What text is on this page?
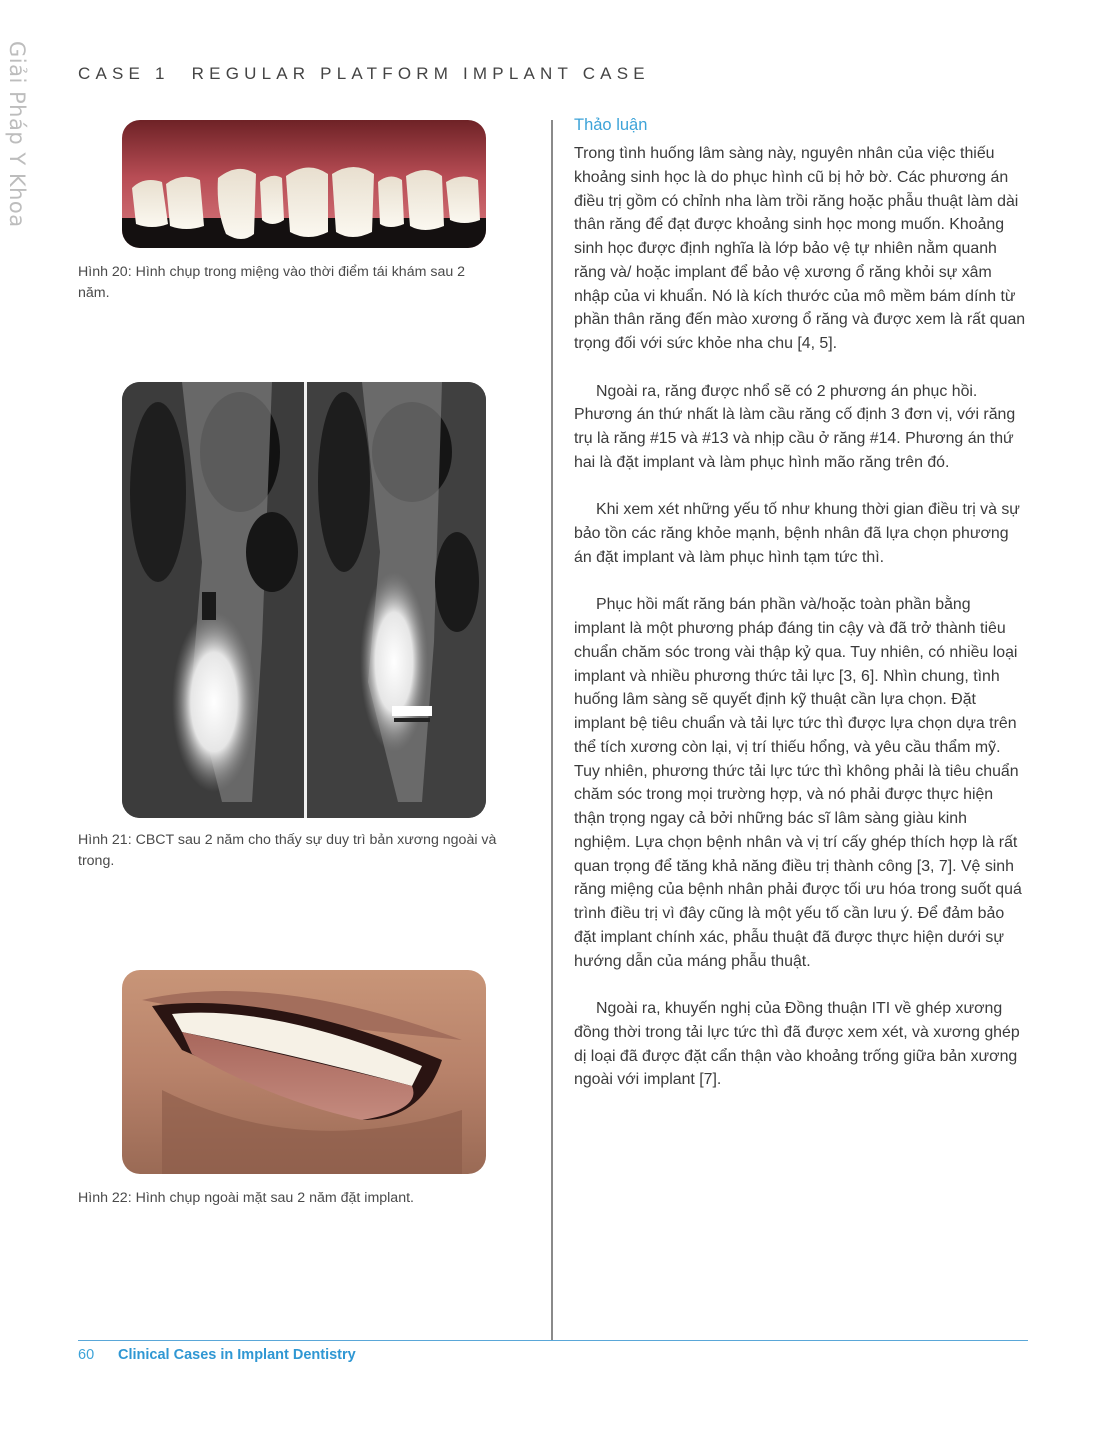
Giải Pháp Y Khoa	CASE 1 REGULAR PLATFORM IMPLANT CASE
Hình 20: Hình chụp trong miệng vào thời điểm tái khám sau 2 năm.
Hình 21: CBCT sau 2 năm cho thấy sự duy trì bản xương ngoài và trong.
Hình 22: Hình chụp ngoài mặt sau 2 năm đặt implant.
Thảo luận

Trong tình huống lâm sàng này, nguyên nhân của việc thiếu khoảng sinh học là do phục hình cũ bị hở bờ. Các phương án điều trị gồm có chỉnh nha làm trồi răng hoặc phẫu thuật làm dài thân răng để đạt được khoảng sinh học mong muốn. Khoảng sinh học được định nghĩa là lớp bảo vệ tự nhiên nằm quanh răng và/ hoặc implant để bảo vệ xương ổ răng khỏi sự xâm nhập của vi khuẩn. Nó là kích thước của mô mềm bám dính từ phần thân răng đến mào xương ổ răng và được xem là rất quan trọng đối với sức khỏe nha chu [4, 5].

Ngoài ra, răng được nhổ sẽ có 2 phương án phục hồi. Phương án thứ nhất là làm cầu răng cố định 3 đơn vị, với răng trụ là răng #15 và #13 và nhịp cầu ở răng #14. Phương án thứ hai là đặt implant và làm phục hình mão răng trên đó.

Khi xem xét những yếu tố như khung thời gian điều trị và sự bảo tồn các răng khỏe mạnh, bệnh nhân đã lựa chọn phương án đặt implant và làm phục hình tạm tức thì.

Phục hồi mất răng bán phần và/hoặc toàn phần bằng implant là một phương pháp đáng tin cậy và đã trở thành tiêu chuẩn chăm sóc trong vài thập kỷ qua. Tuy nhiên, có nhiều loại implant và nhiều phương thức tải lực [3, 6]. Nhìn chung, tình huống lâm sàng sẽ quyết định kỹ thuật cần lựa chọn. Đặt implant bệ tiêu chuẩn và tải lực tức thì được lựa chọn dựa trên thể tích xương còn lại, vị trí thiếu hổng, và yêu cầu thẩm mỹ. Tuy nhiên, phương thức tải lực tức thì không phải là tiêu chuẩn chăm sóc trong mọi trường hợp, và nó phải được thực hiện thận trọng ngay cả bởi những bác sĩ lâm sàng giàu kinh nghiệm. Lựa chọn bệnh nhân và vị trí cấy ghép thích hợp là rất quan trọng để tăng khả năng điều trị thành công [3, 7]. Vệ sinh răng miệng của bệnh nhân phải được tối ưu hóa trong suốt quá trình điều trị vì đây cũng là một yếu tố cần lưu ý. Để đảm bảo đặt implant chính xác, phẫu thuật đã được thực hiện dưới sự hướng dẫn của máng phẫu thuật.

Ngoài ra, khuyến nghị của Đồng thuận ITI về ghép xương đồng thời trong tải lực tức thì đã được xem xét, và xương ghép dị loại đã được đặt cẩn thận vào khoảng trống giữa bản xương ngoài với implant [7].

60 Clinical Cases in Implant Dentistry
